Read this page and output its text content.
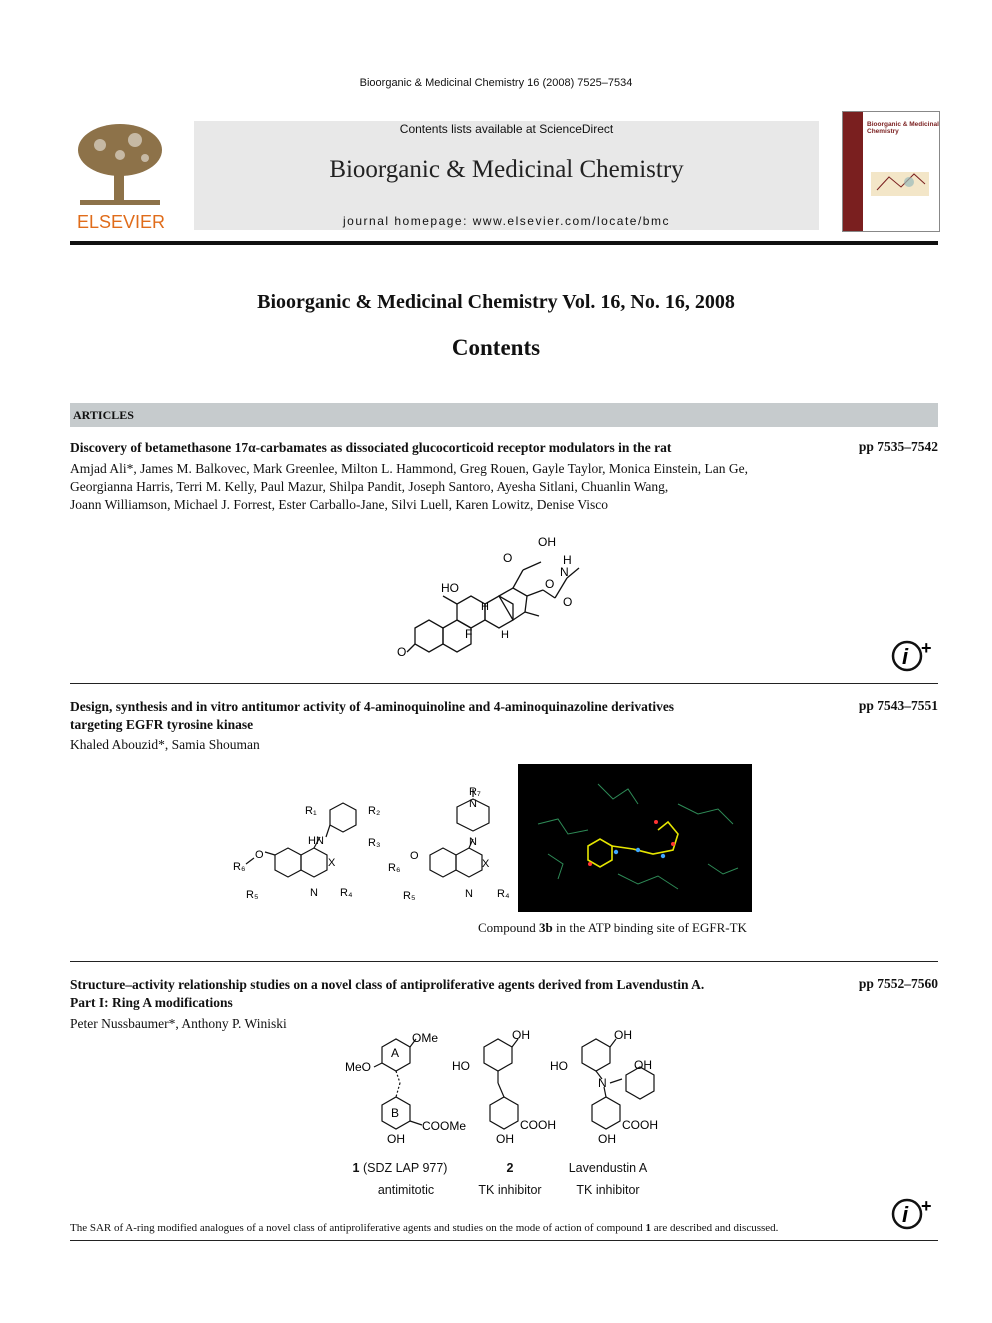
Bioorganic & Medicinal Chemistry 16 (2008) 7525–7534
ELSEVIER
Contents lists available at ScienceDirect
Bioorganic & Medicinal Chemistry
journal homepage: www.elsevier.com/locate/bmc
Bioorganic & Medicinal Chemistry
Bioorganic & Medicinal Chemistry Vol. 16, No. 16, 2008
Contents
ARTICLES
Discovery of betamethasone 17α-carbamates as dissociated glucocorticoid receptor modulators in the rat	pp 7535–7542
Amjad Ali*, James M. Balkovec, Mark Greenlee, Milton L. Hammond, Greg Rouen, Gayle Taylor, Monica Einstein, Lan Ge,
Georgianna Harris, Terri M. Kelly, Paul Mazur, Shilpa Pandit, Joseph Santoro, Ayesha Sitlani, Chuanlin Wang,
Joann Williamson, Michael J. Forrest, Ester Carballo-Jane, Silvi Luell, Karen Lowitz, Denise Visco
O
HO
F
H
H
O
OH
O
H
N
O
i +
Design, synthesis and in vitro antitumor activity of 4-aminoquinoline and 4-aminoquinazoline derivatives
targeting EGFR tyrosine kinase
pp 7543–7551
Khaled Abouzid*, Samia Shouman
R₁	R₂
R₃
HN
O
R₆
R₅
X
N R₄
R₇
N
N
O
R₆
R₅
X
N R₄
Compound 3b in the ATP binding site of EGFR-TK
Structure–activity relationship studies on a novel class of antiproliferative agents derived from Lavendustin A.
Part I: Ring A modifications
pp 7552–7560
Peter Nussbaumer*, Anthony P. Winiski
OMe
MeO
A
B
COOMe
OH
OH
HO
COOH
OH
OH
HO
N
OH
COOH
OH
1 (SDZ LAP 977)
antimitotic
2
TK inhibitor
Lavendustin A
TK inhibitor
i +
The SAR of A-ring modified analogues of a novel class of antiproliferative agents and studies on the mode of action of compound 1 are described and discussed.
